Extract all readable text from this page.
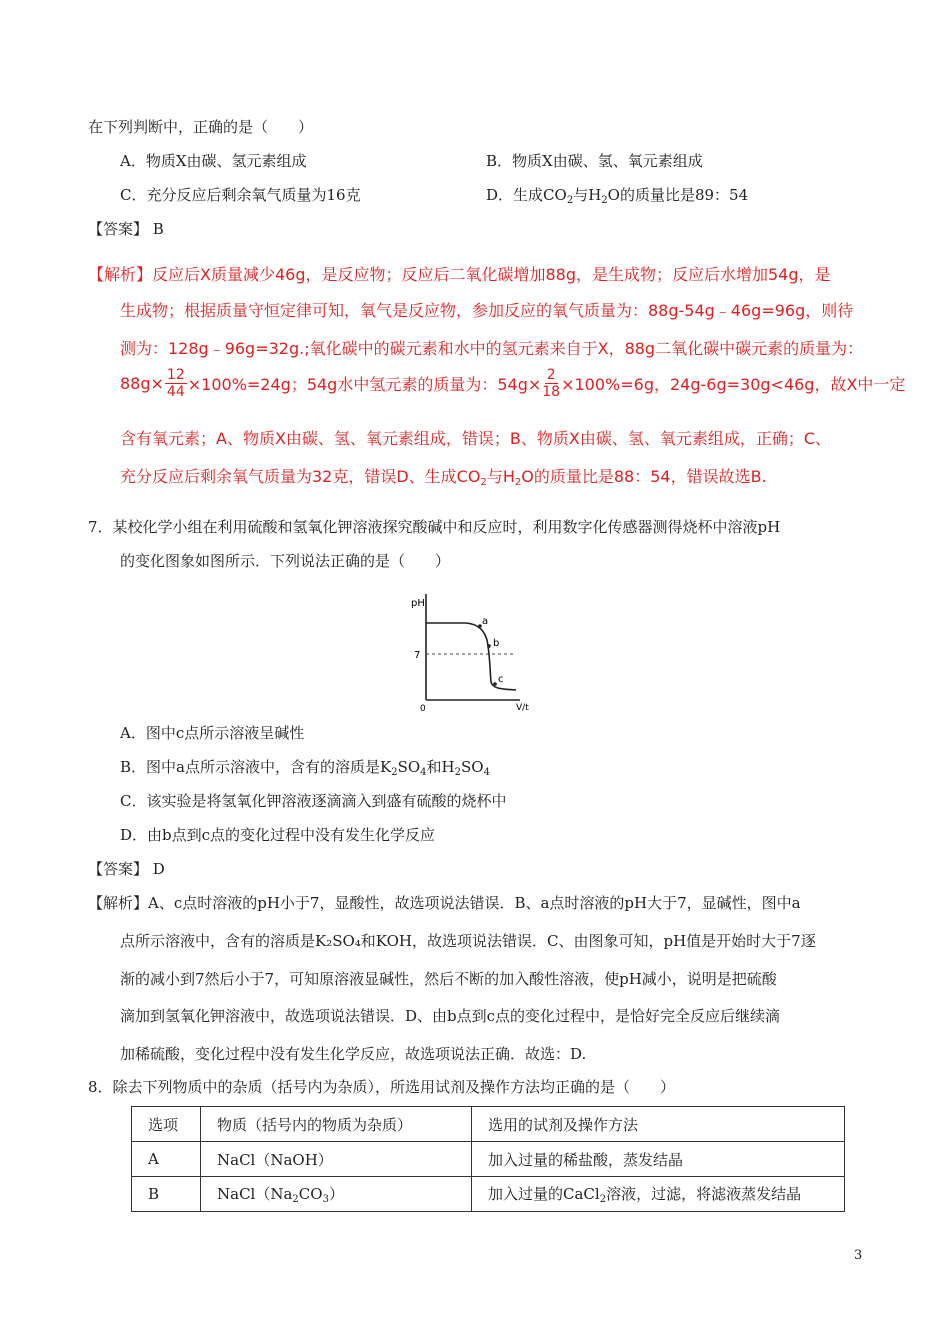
在下列判断中，正确的是（　　）
A．物质X由碳、氢元素组成	B．物质X由碳、氢、氧元素组成
C．充分反应后剩余氧气质量为16克	D．生成$CO_2$与$H_2O$的质量比是89：54
【答案】 B
【解析】反应后X质量减少46g，是反应物；反应后二氧化碳增加88g，是生成物；反应后水增加54g，是
生成物；根据质量守恒定律可知，氧气是反应物，参加反应的氧气质量为：88g-54g﹣46g=96g，则待
测为：128g﹣96g=32g.;氧化碳中的碳元素和水中的氢元素来自于X，88g二氧化碳中碳元素的质量为：
$88g\times \frac{12}{44} \times 100\%=24g$；54g水中氢元素的质量为：$54g\times \frac{2}{18} \times 100\%=6g$，24g-6g=30g<46g，故X中一定
含有氧元素；A、物质X由碳、氢、氧元素组成，错误；B、物质X由碳、氢、氧元素组成，正确；C、
充分反应后剩余氧气质量为32克，错误D、生成$CO_2$与$H_2O$的质量比是88：54，错误故选B.
7．某校化学小组在利用硫酸和氢氧化钾溶液探究酸碱中和反应时，利用数字化传感器测得烧杯中溶液pH
的变化图象如图所示．下列说法正确的是（　　）
pH
7
0	V/t
a
b
c
A．图中c点所示溶液呈碱性
B．图中a点所示溶液中，含有的溶质是$K_2SO_4$和$H_2SO_4$
C．该实验是将氢氧化钾溶液逐滴滴入到盛有硫酸的烧杯中
D．由b点到c点的变化过程中没有发生化学反应
【答案】 D
【解析】A、c点时溶液的pH小于7，显酸性，故选项说法错误．B、a点时溶液的pH大于7，显碱性，图中a
点所示溶液中，含有的溶质是K₂SO₄和KOH，故选项说法错误．C、由图象可知，pH值是开始时大于7逐
渐的减小到7然后小于7，可知原溶液显碱性，然后不断的加入酸性溶液，使pH减小，说明是把硫酸
滴加到氢氧化钾溶液中，故选项说法错误．D、由b点到c点的变化过程中，是恰好完全反应后继续滴
加稀硫酸，变化过程中没有发生化学反应，故选项说法正确．故选：D.
8．除去下列物质中的杂质（括号内为杂质），所选用试剂及操作方法均正确的是（　　）
选项	物质（括号内的物质为杂质）	选用的试剂及操作方法
A	NaCl（NaOH）	加入过量的稀盐酸，蒸发结晶
B	$NaCl(Na_2CO_3)$	加入过量的CaCl$_2$溶液，过滤，将滤液蒸发结晶
3
